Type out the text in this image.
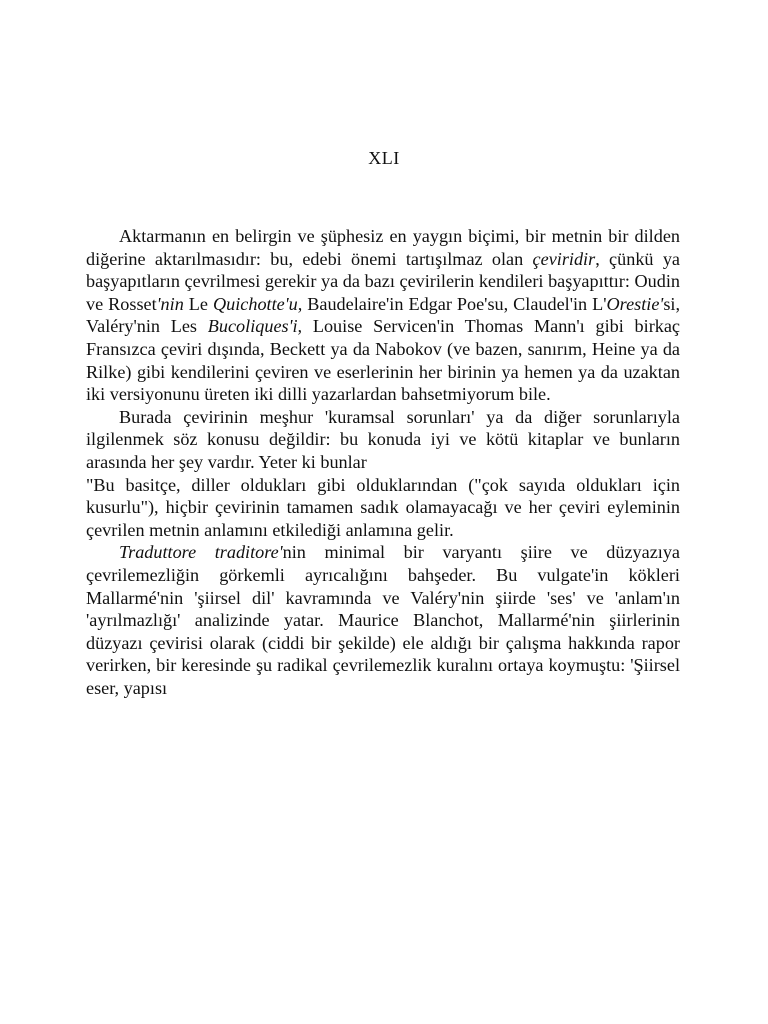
XLI

Aktarmanın en belirgin ve şüphesiz en yaygın biçimi, bir metnin bir dilden diğerine aktarılmasıdır: bu, edebi önemi tartışılmaz olan çeviridir, çünkü ya başyapıtların çevrilmesi gerekir ya da bazı çevirilerin kendileri başyapıttır: Oudin ve Rosset'nin Le Quichotte'u, Baudelaire'in Edgar Poe'su, Claudel'in L'Orestie'si, Valéry'nin Les Bucoliques'i, Louise Servicen'in Thomas Mann'ı gibi birkaç Fransızca çeviri dışında, Beckett ya da Nabokov (ve bazen, sanırım, Heine ya da Rilke) gibi kendilerini çeviren ve eserlerinin her birinin ya hemen ya da uzaktan iki versiyonunu üreten iki dilli yazarlardan bahsetmiyorum bile.

Burada çevirinin meşhur 'kuramsal sorunları' ya da diğer sorunlarıyla ilgilenmek söz konusu değildir: bu konuda iyi ve kötü kitaplar ve bunların arasında her şey vardır. Yeter ki bunlar

"Bu basitçe, diller oldukları gibi olduklarından ("çok sayıda oldukları için kusurlu"), hiçbir çevirinin tamamen sadık olamayacağı ve her çeviri eyleminin çevrilen metnin anlamını etkilediği anlamına gelir.

Traduttore traditore'nin minimal bir varyantı şiire ve düzyazıya çevrilemezliğin görkemli ayrıcalığını bahşeder. Bu vulgate'in kökleri Mallarmé'nin 'şiirsel dil' kavramında ve Valéry'nin şiirde 'ses' ve 'anlam'ın 'ayrılmazlığı' analizinde yatar. Maurice Blanchot, Mallarmé'nin şiirlerinin düzyazı çevirisi olarak (ciddi bir şekilde) ele aldığı bir çalışma hakkında rapor verirken, bir keresinde şu radikal çevrilemezlik kuralını ortaya koymuştu: 'Şiirsel eser, yapısı
